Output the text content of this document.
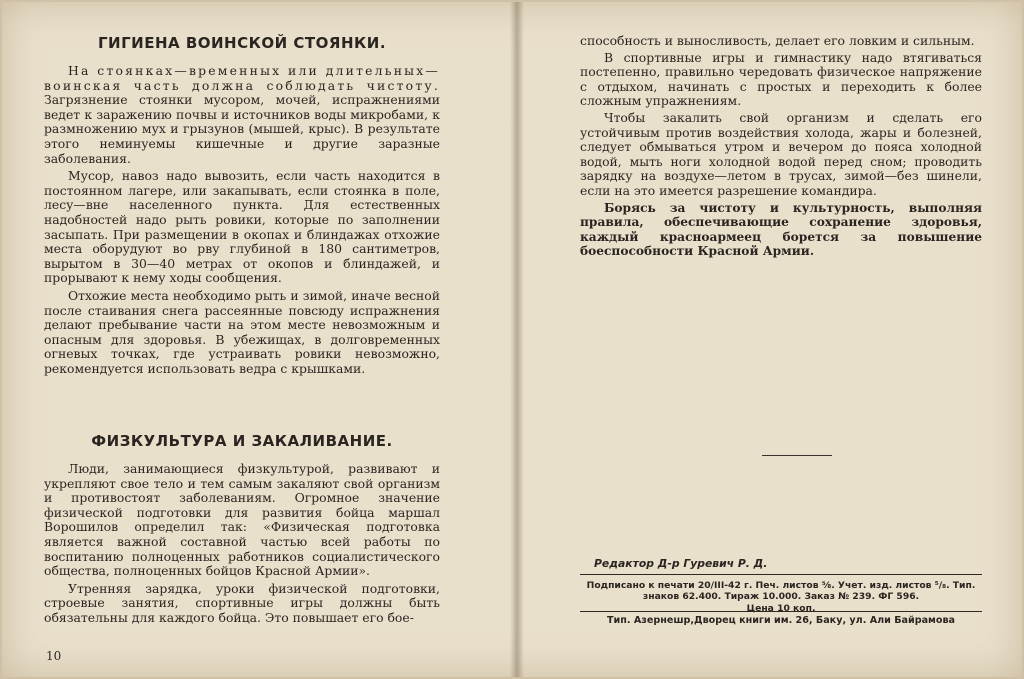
ГИГИЕНА ВОИНСКОЙ СТОЯНКИ.

На стоянках—временных или длительных—воинская часть должна соблюдать чистоту. Загрязнение стоянки мусором, мочей, испражнениями ведет к заражению почвы и источников воды микробами, к размножению мух и грызунов (мышей, крыс). В результате этого неминуемы кишечные и другие заразные заболевания.

Мусор, навоз надо вывозить, если часть находится в постоянном лагере, или закапывать, если стоянка в поле, лесу—вне населенного пункта. Для естественных надобностей надо рыть ровики, которые по заполнении засыпать. При размещении в окопах и блиндажах отхожие места оборудуют во рву глубиной в 180 сантиметров, вырытом в 30—40 метрах от окопов и блиндажей, и прорывают к нему ходы сообщения.

Отхожие места необходимо рыть и зимой, иначе весной после стаивания снега рассеянные повсюду испражнения делают пребывание части на этом месте невозможным и опасным для здоровья. В убежищах, в долговременных огневых точках, где устраивать ровики невозможно, рекомендуется использовать ведра с крышками.

ФИЗКУЛЬТУРА И ЗАКАЛИВАНИЕ.

Люди, занимающиеся физкультурой, развивают и укрепляют свое тело и тем самым закаляют свой организм и противостоят заболеваниям. Огромное значение физической подготовки для развития бойца маршал Ворошилов определил так: «Физическая подготовка является важной составной частью всей работы по воспитанию полноценных работников социалистического общества, полноценных бойцов Красной Армии».

Утренняя зарядка, уроки физической подготовки, строевые занятия, спортивные игры должны быть обязательны для каждого бойца. Это повышает его бое-

10

способность и выносливость, делает его ловким и сильным.

В спортивные игры и гимнастику надо втягиваться постепенно, правильно чередовать физическое напряжение с отдыхом, начинать с простых и переходить к более сложным упражнениям.

Чтобы закалить свой организм и сделать его устойчивым против воздействия холода, жары и болезней, следует обмываться утром и вечером до пояса холодной водой, мыть ноги холодной водой перед сном; проводить зарядку на воздухе—летом в трусах, зимой—без шинели, если на это имеется разрешение командира.

Борясь за чистоту и культурность, выполняя правила, обеспечивающие сохранение здоровья, каждый красноармеец борется за повышение боеспособности Красной Армии.

Редактор Д-р Гуревич Р. Д.
Подписано к печати 20/III-42 г. Печ. листов ⅝. Учет. изд. листов ⁵/₈. Тип.
знаков 62.400. Тираж 10.000. Заказ № 239. ФГ 596.
Цена 10 коп.
Тип. Азернешр,Дворец книги им. 26, Баку, ул. Али Байрамова
